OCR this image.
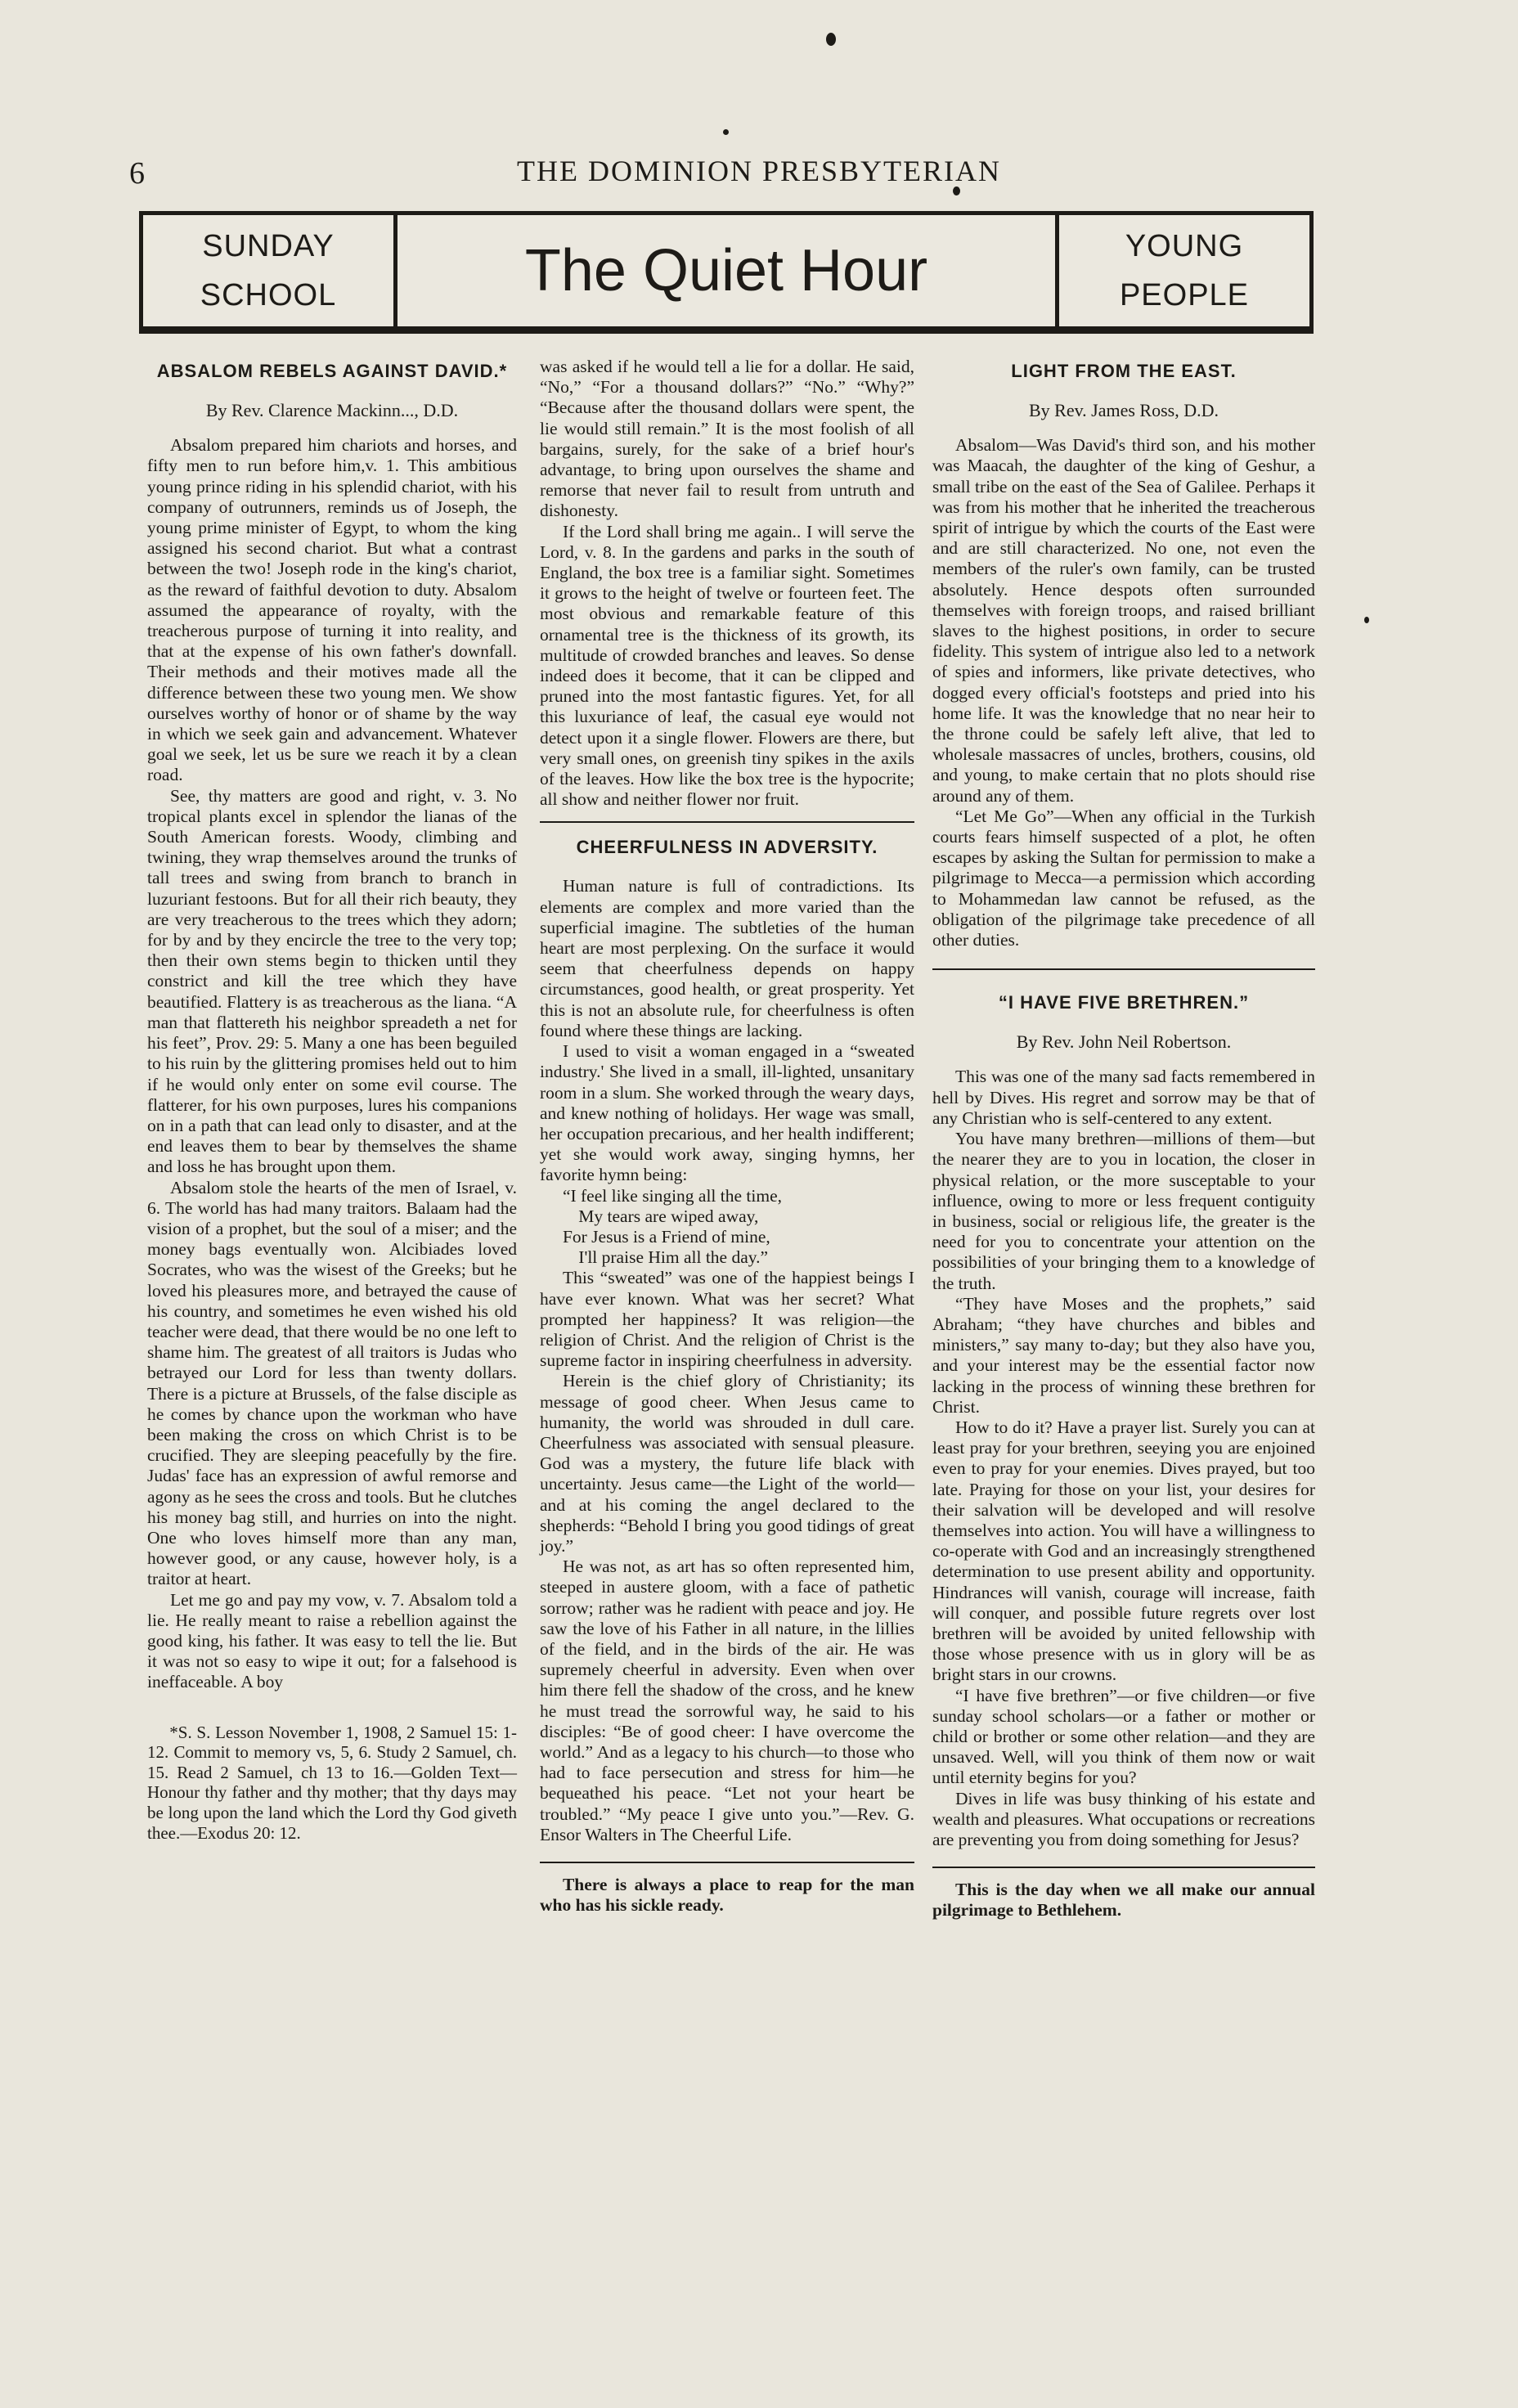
6	THE DOMINION PRESBYTERIAN
SUNDAY
SCHOOL	The Quiet Hour	YOUNG
PEOPLE
ABSALOM REBELS AGAINST DAVID.*

By Rev. Clarence Mackinn..., D.D.

Absalom prepared him chariots and horses, and fifty men to run before him,v. 1. This ambitious young prince riding in his splendid chariot, with his company of outrunners, reminds us of Joseph, the young prime minister of Egypt, to whom the king assigned his second chariot. But what a contrast between the two! Joseph rode in the king's chariot, as the reward of faithful devotion to duty. Absalom assumed the appearance of royalty, with the treacherous purpose of turning it into reality, and that at the expense of his own father's downfall. Their methods and their motives made all the difference between these two young men. We show ourselves worthy of honor or of shame by the way in which we seek gain and advancement. Whatever goal we seek, let us be sure we reach it by a clean road.

See, thy matters are good and right, v. 3. No tropical plants excel in splendor the lianas of the South American forests. Woody, climbing and twining, they wrap themselves around the trunks of tall trees and swing from branch to branch in luzuriant festoons. But for all their rich beauty, they are very treacherous to the trees which they adorn; for by and by they encircle the tree to the very top; then their own stems begin to thicken until they constrict and kill the tree which they have beautified. Flattery is as treacherous as the liana. “A man that flattereth his neighbor spreadeth a net for his feet”, Prov. 29: 5. Many a one has been beguiled to his ruin by the glittering promises held out to him if he would only enter on some evil course. The flatterer, for his own purposes, lures his companions on in a path that can lead only to disaster, and at the end leaves them to bear by themselves the shame and loss he has brought upon them.

Absalom stole the hearts of the men of Israel, v. 6. The world has had many traitors. Balaam had the vision of a prophet, but the soul of a miser; and the money bags eventually won. Alcibiades loved Socrates, who was the wisest of the Greeks; but he loved his pleasures more, and betrayed the cause of his country, and sometimes he even wished his old teacher were dead, that there would be no one left to shame him. The greatest of all traitors is Judas who betrayed our Lord for less than twenty dollars. There is a picture at Brussels, of the false disciple as he comes by chance upon the workman who have been making the cross on which Christ is to be crucified. They are sleeping peacefully by the fire. Judas' face has an expression of awful remorse and agony as he sees the cross and tools. But he clutches his money bag still, and hurries on into the night. One who loves himself more than any man, however good, or any cause, however holy, is a traitor at heart.

Let me go and pay my vow, v. 7. Absalom told a lie. He really meant to raise a rebellion against the good king, his father. It was easy to tell the lie. But it was not so easy to wipe it out; for a falsehood is ineffaceable. A boy

*S. S. Lesson November 1, 1908, 2 Samuel 15: 1-12. Commit to memory vs, 5, 6. Study 2 Samuel, ch. 15. Read 2 Samuel, ch 13 to 16.—Golden Text—Honour thy father and thy mother; that thy days may be long upon the land which the Lord thy God giveth thee.—Exodus 20: 12.

was asked if he would tell a lie for a dollar. He said, “No,” “For a thousand dollars?” “No.” “Why?” “Because after the thousand dollars were spent, the lie would still remain.” It is the most foolish of all bargains, surely, for the sake of a brief hour's advantage, to bring upon ourselves the shame and remorse that never fail to result from untruth and dishonesty.

If the Lord shall bring me again.. I will serve the Lord, v. 8. In the gardens and parks in the south of England, the box tree is a familiar sight. Sometimes it grows to the height of twelve or fourteen feet. The most obvious and remarkable feature of this ornamental tree is the thickness of its growth, its multitude of crowded branches and leaves. So dense indeed does it become, that it can be clipped and pruned into the most fantastic figures. Yet, for all this luxuriance of leaf, the casual eye would not detect upon it a single flower. Flowers are there, but very small ones, on greenish tiny spikes in the axils of the leaves. How like the box tree is the hypocrite; all show and neither flower nor fruit.

CHEERFULNESS IN ADVERSITY.

Human nature is full of contradictions. Its elements are complex and more varied than the superficial imagine. The subtleties of the human heart are most perplexing. On the surface it would seem that cheerfulness depends on happy circumstances, good health, or great prosperity. Yet this is not an absolute rule, for cheerfulness is often found where these things are lacking.

I used to visit a woman engaged in a “sweated industry.' She lived in a small, ill-lighted, unsanitary room in a slum. She worked through the weary days, and knew nothing of holidays. Her wage was small, her occupation precarious, and her health indifferent; yet she would work away, singing hymns, her favorite hymn being:

“I feel like singing all the time,

My tears are wiped away,

For Jesus is a Friend of mine,

I'll praise Him all the day.”

This “sweated” was one of the happiest beings I have ever known. What was her secret? What prompted her happiness? It was religion—the religion of Christ. And the religion of Christ is the supreme factor in inspiring cheerfulness in adversity.

Herein is the chief glory of Christianity; its message of good cheer. When Jesus came to humanity, the world was shrouded in dull care. Cheerfulness was associated with sensual pleasure. God was a mystery, the future life black with uncertainty. Jesus came—the Light of the world—and at his coming the angel declared to the shepherds: “Behold I bring you good tidings of great joy.”

He was not, as art has so often represented him, steeped in austere gloom, with a face of pathetic sorrow; rather was he radient with peace and joy. He saw the love of his Father in all nature, in the lillies of the field, and in the birds of the air. He was supremely cheerful in adversity. Even when over him there fell the shadow of the cross, and he knew he must tread the sorrowful way, he said to his disciples: “Be of good cheer: I have overcome the world.” And as a legacy to his church—to those who had to face persecution and stress for him—he bequeathed his peace. “Let not your heart be troubled.” “My peace I give unto you.”—Rev. G. Ensor Walters in The Cheerful Life.

There is always a place to reap for the man who has his sickle ready.

LIGHT FROM THE EAST.

By Rev. James Ross, D.D.

Absalom—Was David's third son, and his mother was Maacah, the daughter of the king of Geshur, a small tribe on the east of the Sea of Galilee. Perhaps it was from his mother that he inherited the treacherous spirit of intrigue by which the courts of the East were and are still characterized. No one, not even the members of the ruler's own family, can be trusted absolutely. Hence despots often surrounded themselves with foreign troops, and raised brilliant slaves to the highest positions, in order to secure fidelity. This system of intrigue also led to a network of spies and informers, like private detectives, who dogged every official's footsteps and pried into his home life. It was the knowledge that no near heir to the throne could be safely left alive, that led to wholesale massacres of uncles, brothers, cousins, old and young, to make certain that no plots should rise around any of them.

“Let Me Go”—When any official in the Turkish courts fears himself suspected of a plot, he often escapes by asking the Sultan for permission to make a pilgrimage to Mecca—a permission which according to Mohammedan law cannot be refused, as the obligation of the pilgrimage take precedence of all other duties.

“I HAVE FIVE BRETHREN.”

By Rev. John Neil Robertson.

This was one of the many sad facts remembered in hell by Dives. His regret and sorrow may be that of any Christian who is self-centered to any extent.

You have many brethren—millions of them—but the nearer they are to you in location, the closer in physical relation, or the more susceptable to your influence, owing to more or less frequent contiguity in business, social or religious life, the greater is the need for you to concentrate your attention on the possibilities of your bringing them to a knowledge of the truth.

“They have Moses and the prophets,” said Abraham; “they have churches and bibles and ministers,” say many to-day; but they also have you, and your interest may be the essential factor now lacking in the process of winning these brethren for Christ.

How to do it? Have a prayer list. Surely you can at least pray for your brethren, seeying you are enjoined even to pray for your enemies. Dives prayed, but too late. Praying for those on your list, your desires for their salvation will be developed and will resolve themselves into action. You will have a willingness to co-operate with God and an increasingly strengthened determination to use present ability and opportunity. Hindrances will vanish, courage will increase, faith will conquer, and possible future regrets over lost brethren will be avoided by united fellowship with those whose presence with us in glory will be as bright stars in our crowns.

“I have five brethren”—or five children—or five sunday school scholars—or a father or mother or child or brother or some other relation—and they are unsaved. Well, will you think of them now or wait until eternity begins for you?

Dives in life was busy thinking of his estate and wealth and pleasures. What occupations or recreations are preventing you from doing something for Jesus?

This is the day when we all make our annual pilgrimage to Bethlehem.
